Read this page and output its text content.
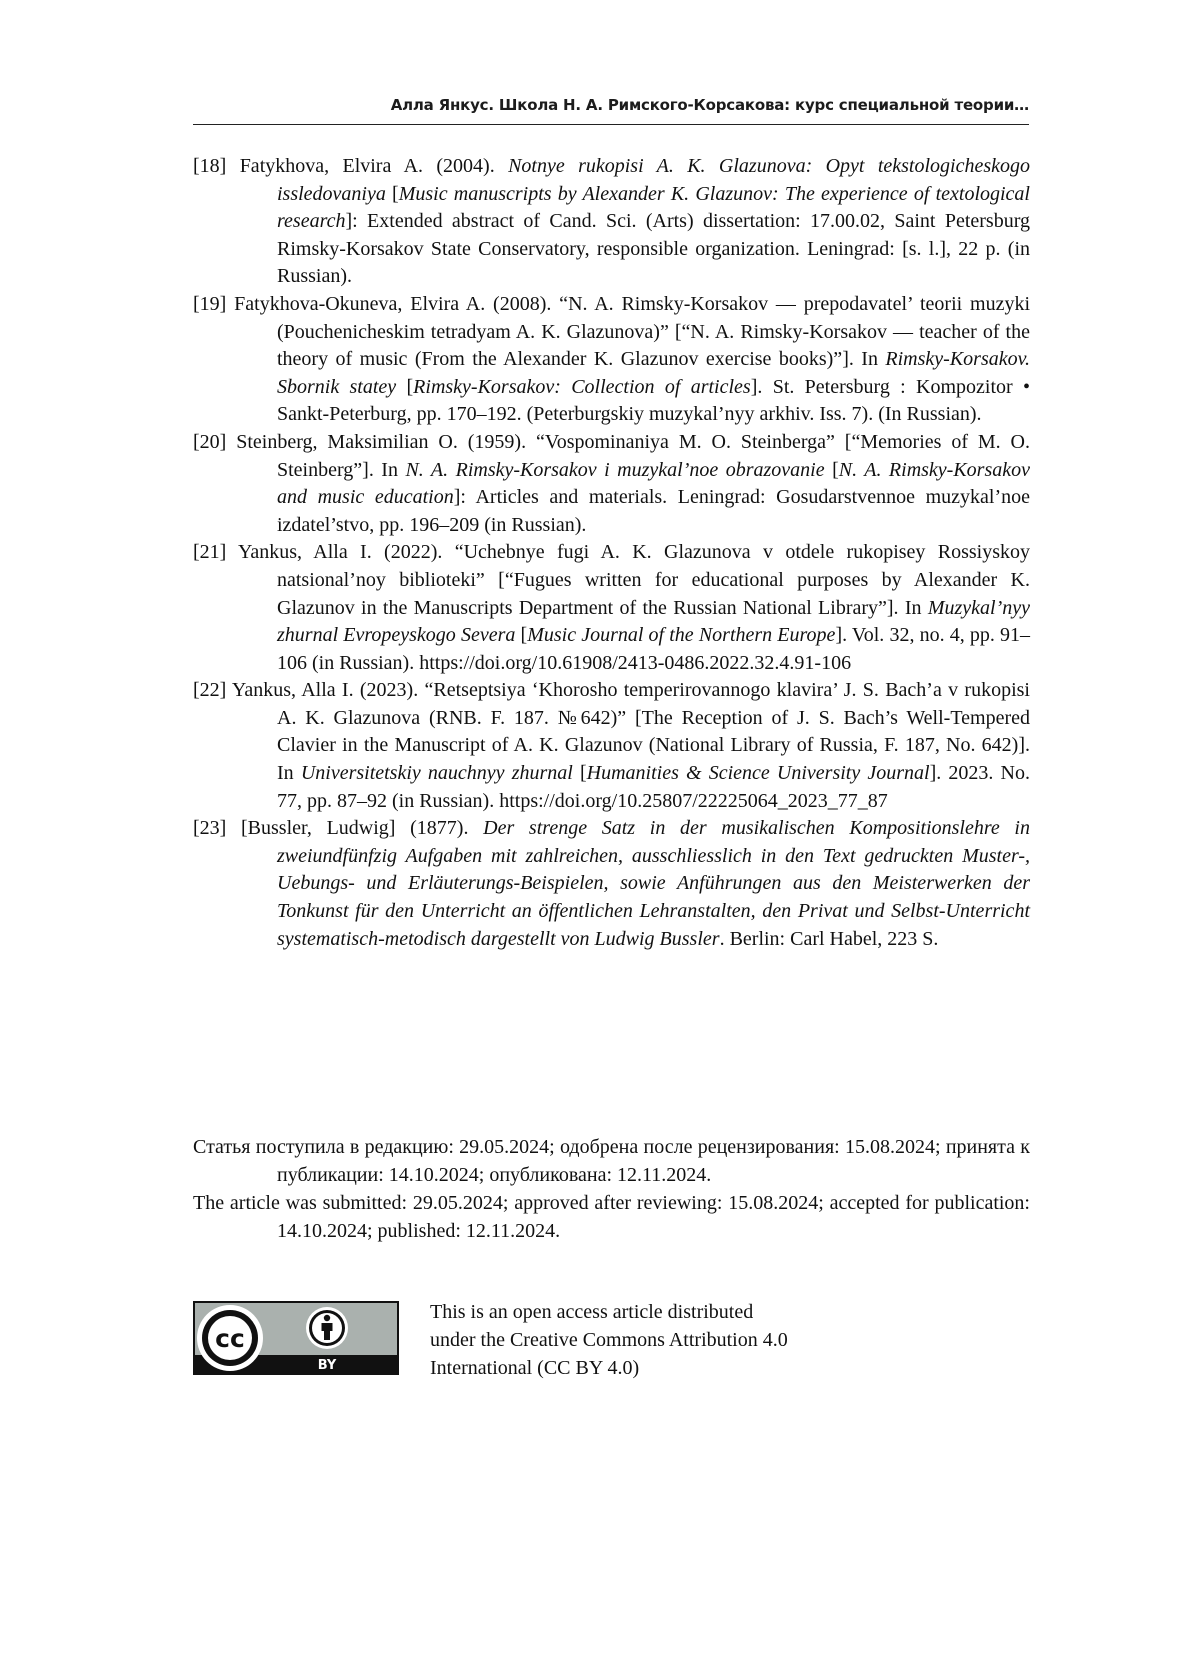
Алла Янкус. Школа Н. А. Римского-Корсакова: курс специальной теории…

[18] Fatykhova, Elvira A. (2004). Notnye rukopisi A. K. Glazunova: Opyt tekstologicheskogo issledovaniya [Music manuscripts by Alexander K. Glazunov: The experience of textological research]: Extended abstract of Cand. Sci. (Arts) dissertation: 17.00.02, Saint Petersburg Rimsky-Korsakov State Conservatory, responsible organization. Leningrad: [s. l.], 22 p. (in Russian).

[19] Fatykhova-Okuneva, Elvira A. (2008). “N. A. Rimsky-Korsakov — prepodavatel’ teorii muzyki (Pouchenicheskim tetradyam A. K. Glazunova)” [“N. A. Rimsky-Korsakov — teacher of the theory of music (From the Alexander K. Glazunov exercise books)”]. In Rimsky-Korsakov. Sbornik statey [Rimsky-Korsakov: Collection of articles]. St. Petersburg : Kompozitor • Sankt-Peterburg, pp. 170–192. (Peterburgskiy muzykal’nyy arkhiv. Iss. 7). (In Russian).

[20] Steinberg, Maksimilian O. (1959). “Vospominaniya M. O. Steinberga” [“Memories of M. O. Steinberg”]. In N. A. Rimsky-Korsakov i muzykal’noe obrazovanie [N. A. Rimsky-Korsakov and music education]: Articles and materials. Leningrad: Gosudarstvennoe muzykal’noe izdatel’stvo, pp. 196–209 (in Russian).

[21] Yankus, Alla I. (2022). “Uchebnye fugi A. K. Glazunova v otdele rukopisey Rossiyskoy natsional’noy biblioteki” [“Fugues written for educational purposes by Alexander K. Glazunov in the Manuscripts Department of the Russian National Library”]. In Muzykal’nyy zhurnal Evropeyskogo Severa [Music Journal of the Northern Europe]. Vol. 32, no. 4, pp. 91–106 (in Russian). https://doi.org/10.61908/2413-0486.2022.32.4.91-106

[22] Yankus, Alla I. (2023). “Retseptsiya ‘Khorosho temperirovannogo klavira’ J. S. Bach’a v rukopisi A. K. Glazunova (RNB. F. 187. №642)” [The Reception of J. S. Bach’s Well-Tempered Clavier in the Manuscript of A. K. Glazunov (National Library of Russia, F. 187, No. 642)]. In Universitetskiy nauchnyy zhurnal [Humanities & Science University Journal]. 2023. No. 77, pp. 87–92 (in Russian). https://doi.org/10.25807/22225064_2023_77_87

[23] [Bussler, Ludwig] (1877). Der strenge Satz in der musikalischen Kompositionslehre in zweiundfünfzig Aufgaben mit zahlreichen, ausschliesslich in den Text gedruckten Muster-, Uebungs- und Erläuterungs-Beispielen, sowie Anführungen aus den Meisterwerken der Tonkunst für den Unterricht an öffentlichen Lehranstalten, den Privat und Selbst-Unterricht systematisch-metodisch dargestellt von Ludwig Bussler. Berlin: Carl Habel, 223 S.

Статья поступила в редакцию: 29.05.2024; одобрена после рецензирования: 15.08.2024; принята к публикации: 14.10.2024; опубликована: 12.11.2024.

The article was submitted: 29.05.2024; approved after reviewing: 15.08.2024; accepted for publication: 14.10.2024; published: 12.11.2024.

cc
BY
This is an open access article distributed
under the Creative Commons Attribution 4.0
International (CC BY 4.0)
